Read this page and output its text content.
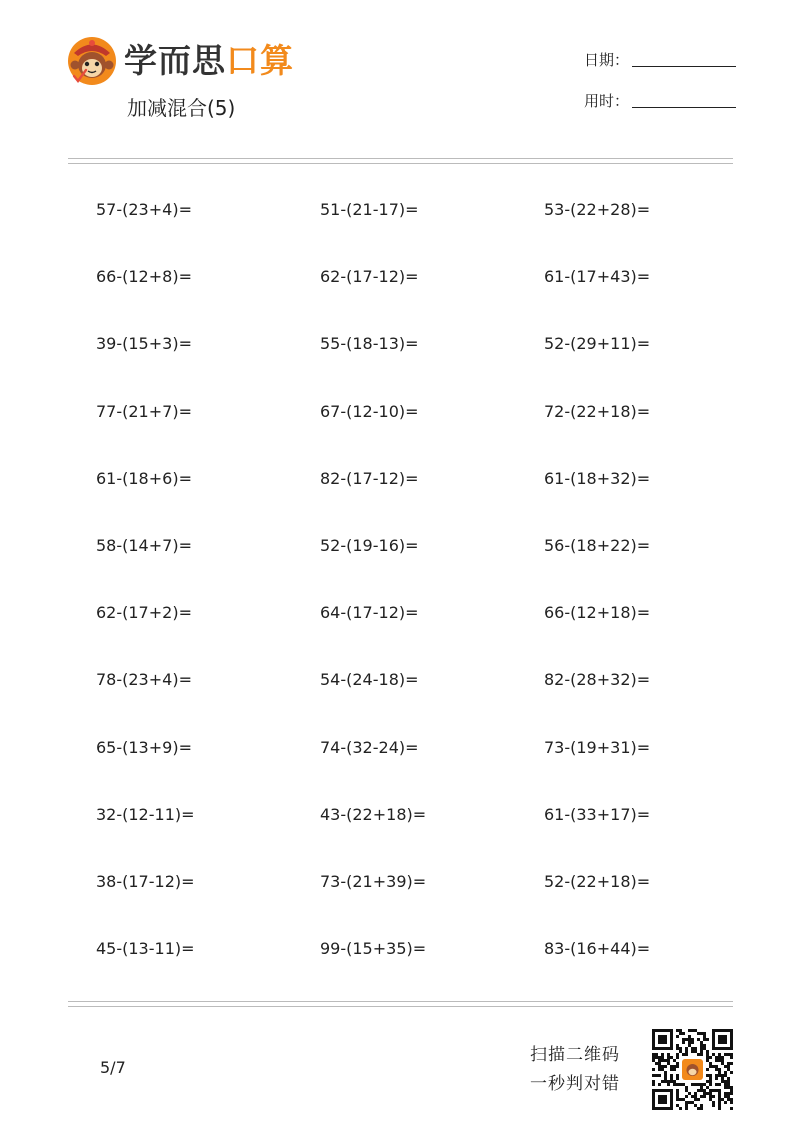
学而思口算
加减混合(5)
日期：
用时：
57-(23+4)=	51-(21-17)=	53-(22+28)=
66-(12+8)=	62-(17-12)=	61-(17+43)=
39-(15+3)=	55-(18-13)=	52-(29+11)=
77-(21+7)=	67-(12-10)=	72-(22+18)=
61-(18+6)=	82-(17-12)=	61-(18+32)=
58-(14+7)=	52-(19-16)=	56-(18+22)=
62-(17+2)=	64-(17-12)=	66-(12+18)=
78-(23+4)=	54-(24-18)=	82-(28+32)=
65-(13+9)=	74-(32-24)=	73-(19+31)=
32-(12-11)=	43-(22+18)=	61-(33+17)=
38-(17-12)=	73-(21+39)=	52-(22+18)=
45-(13-11)=	99-(15+35)=	83-(16+44)=
5/7
扫描二维码
一秒判对错
